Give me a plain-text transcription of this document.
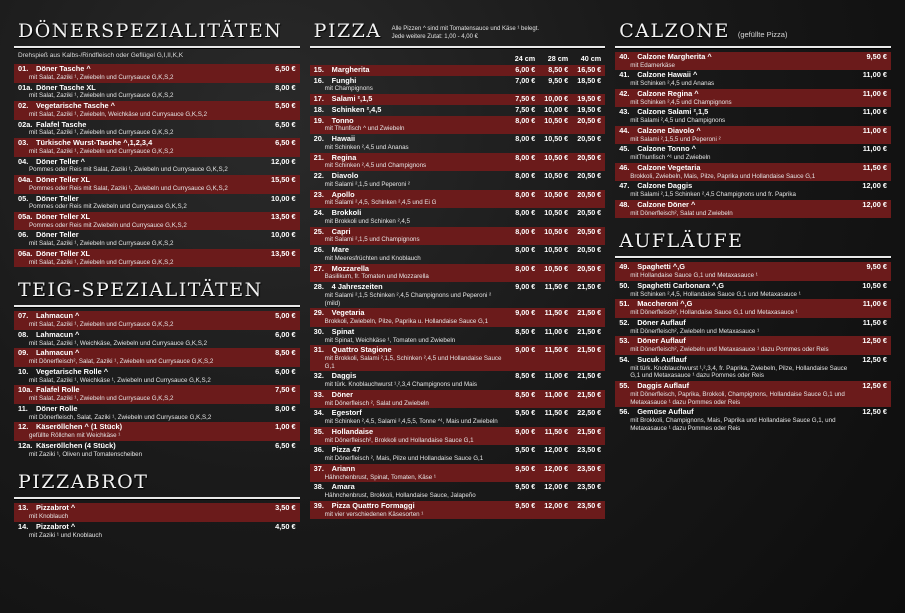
DÖNERSPEZIALITÄTEN
Drehspieß aus Kalbs-/Rindfleisch oder Geflügel G,I,II,K,K
01. Döner Tasche ^
mit Salat, Zaziki ¹, Zwiebeln und Currysauce G,K,S,2
6,50 €
01a. Döner Tasche XL
mit Salat, Zaziki ¹, Zwiebeln und Currysauce G,K,S,2
8,00 €
02. Vegetarische Tasche ^
mit Salat, Zaziki ¹, Zwiebeln, Weichkäse und Currysauce G,K,S,2
5,50 €
02a. Falafel Tasche
mit Salat, Zaziki ¹, Zwiebeln und Currysauce G,K,S,2
6,50 €
03. Türkische Wurst-Tasche ^,1,2,3,4
mit Salat, Zaziki ¹, Zwiebeln und Currysauce G,K,S,2
6,50 €
04. Döner Teller ^
Pommes oder Reis mit Salat, Zaziki ¹, Zwiebeln und Currysauce G,K,S,2
12,00 €
04a. Döner Teller XL
Pommes oder Reis mit Salat, Zaziki ¹, Zwiebeln und Currysauce G,K,S,2
15,50 €
05. Döner Teller
Pommes oder Reis mit Zwiebeln und Currysauce G,K,S,2
10,00 €
05a. Döner Teller XL
Pommes oder Reis mit Zwiebeln und Currysauce G,K,S,2
13,50 €
06. Döner Teller
mit Salat, Zaziki ¹, Zwiebeln und Currysauce G,K,S,2
10,00 €
06a. Döner Teller XL
mit Salat, Zaziki ¹, Zwiebeln und Currysauce G,K,S,2
13,50 €
TEIG-SPEZIALITÄTEN
07. Lahmacun ^
mit Salat, Zaziki ¹, Zwiebeln und Currysauce G,K,S,2
5,00 €
08. Lahmacun ^
mit Salat, Zaziki ¹, Weichkäse, Zwiebeln und Currysauce G,K,S,2
6,00 €
09. Lahmacun ^
mit Dönerfleisch², Salat, Zaziki ¹, Zwiebeln und Currysauce G,K,S,2
8,50 €
10. Vegetarische Rolle ^
mit Salat, Zaziki ¹, Weichkäse ¹, Zwiebeln und Currysauce G,K,S,2
6,00 €
10a. Falafel Rolle
mit Salat, Zaziki ¹, Zwiebeln und Currysauce G,K,S,2
7,50 €
11. Döner Rolle
mit Dönerfleisch, Salat, Zaziki ¹, Zwiebeln und Currysauce G,K,S,2
8,00 €
12. Käseröllchen ^ (1 Stück)
gefüllte Röllchen mit Weichkäse ¹
1,00 €
12a. Käseröllchen (4 Stück)
mit Zaziki ¹, Oliven und Tomatenscheiben
6,50 €
PIZZABROT
13. Pizzabrot ^
mit Knoblauch
3,50 €
14. Pizzabrot ^
mit Zaziki ¹ und Knoblauch
4,50 €
PIZZA Alle Pizzen ^ sind mit Tomatensauce und Käse ¹ belegt.
Jede weitere Zutat: 1,00 - 4,00 €
24 cm	28 cm	40 cm
15. Margherita	6,00 €	8,50 €	16,50 €
16. Funghi
mit Champignons
7,00 €	9,50 €	18,50 €
17. Salami ²,1,5	7,50 €	10,00 €	19,50 €
18. Schinken ²,4,5	7,50 €	10,00 €	19,50 €
19. Tonno
mit Thunfisch ^ und Zwiebeln
8,00 €	10,50 €	20,50 €
20. Hawaii
mit Schinken ²,4,5 und Ananas
8,00 €	10,50 €	20,50 €
21. Regina
mit Schinken ²,4,5 und Champignons
8,00 €	10,50 €	20,50 €
22. Diavolo
mit Salami ²,1,5 und Peperoni ²
8,00 €	10,50 €	20,50 €
23. Apollo
mit Salami ²,4,5, Schinken ²,4,5 und Ei G
8,00 €	10,50 €	20,50 €
24. Brokkoli
mit Brokkoli und Schinken ²,4,5
8,00 €	10,50 €	20,50 €
25. Capri
mit Salami ²,1,5 und Champignons
8,00 €	10,50 €	20,50 €
26. Mare
mit Meeresfrüchten und Knoblauch
8,00 €	10,50 €	20,50 €
27. Mozzarella
Basilikum, fr. Tomaten und Mozzarella
8,00 €	10,50 €	20,50 €
28. 4 Jahreszeiten
mit Salami ²,1,5 Schinken ²,4,5 Champignons und Peperoni ² (mild)
9,00 €	11,50 €	21,50 €
29. Vegetaria
Brokkoli, Zwiebeln, Pilze, Paprika u. Hollandaise Sauce G,1
9,00 €	11,50 €	21,50 €
30. Spinat
mit Spinat, Weichkäse ¹, Tomaten und Zwiebeln
8,50 €	11,00 €	21,50 €
31. Quattro Stagione
mit Brokkoli, Salami ²,1,5, Schinken ²,4,5 und Hollandaise Sauce G,1
9,00 €	11,50 €	21,50 €
32. Daggis
mit türk. Knoblauchwurst ¹,²,3,4 Champignons und Mais
8,50 €	11,00 €	21,50 €
33. Döner
mit Dönerfleisch ², Salat und Zwiebeln
8,50 €	11,00 €	21,50 €
34. Egestorf
mit Schinken ²,4,5, Salami ²,4,5,5, Tonne ^¹, Mais und Zwiebeln
9,50 €	11,50 €	22,50 €
35. Hollandaise
mit Dönerfleisch², Brokkoli und Hollandaise Sauce G,1
9,00 €	11,50 €	21,50 €
36. Pizza 47
mit Dönerfleisch ², Mais, Pilze und Hollandaise Sauce G,1
9,50 €	12,00 €	23,50 €
37. Ariann
Hähnchenbrust, Spinat, Tomaten, Käse ¹
9,50 €	12,00 €	23,50 €
38. Amara
Hähnchenbrust, Brokkoli, Hollandaise Sauce, Jalapeño
9,50 €	12,00 €	23,50 €
39. Pizza Quattro Formaggi
mit vier verschiedenen Käsesorten ¹
9,50 €	12,00 €	23,50 €
CALZONE (gefüllte Pizza)
40. Calzone Margherita ^
mit Edamerkäse
9,50 €
41. Calzone Hawaii ^
mit Schinken ²,4,5 und Ananas
11,00 €
42. Calzone Regina ^
mit Schinken ²,4,5 und Champignons
11,00 €
43. Calzone Salami ²,1,5
mit Salami ²,4,5 und Champignons
11,00 €
44. Calzone Diavolo ^
mit Salami ²,1,5,5 und Peperoni ²
11,00 €
45. Calzone Tonno ^
mitThunfisch ^¹ und Zwiebeln
11,00 €
46. Calzone Vegetaria
Brokkoli, Zwiebeln, Mais, Pilze, Paprika und Hollandaise Sauce G,1
11,50 €
47. Calzone Daggis
mit Salami ²,1,5 Schinken ²,4,5 Champignons und fr. Paprika
12,00 €
48. Calzone Döner ^
mit Dönerfleisch², Salat und Zwiebeln
12,00 €
AUFLÄUFE
49. Spaghetti ^,G
mit Hollandaise Sauce G,1 und Metaxasauce ¹
9,50 €
50. Spaghetti Carbonara ^,G
mit Schinken ²,4,5, Hollandaise Sauce G,1 und Metaxasauce ¹
10,50 €
51. Maccheroni ^,G
mit Dönerfleisch², Hollandaise Sauce G,1 und Metaxasauce ¹
11,00 €
52. Döner Auflauf
mit Dönerfleisch², Zwiebeln und Metaxasauce ¹
11,50 €
53. Döner Auflauf
mit Dönerfleisch², Zwiebeln und Metaxasauce ¹ dazu Pommes oder Reis
12,50 €
54. Sucuk Auflauf
mit türk. Knoblauchwurst ¹,²,3,4, fr. Paprika, Zwiebeln, Pilze, Hollandaise Sauce G,1 und Metaxasauce ¹ dazu Pommes oder Reis
12,50 €
55. Daggis Auflauf
mit Dönerfleisch, Paprika, Brokkoli, Champignons, Hollandaise Sauce G,1 und Metaxasauce ¹ dazu Pommes oder Reis
12,50 €
56. Gemüse Auflauf
mit Brokkoli, Champignons, Mais, Paprika und Hollandaise Sauce G,1, und Metaxasauce ¹ dazu Pommes oder Reis
12,50 €
